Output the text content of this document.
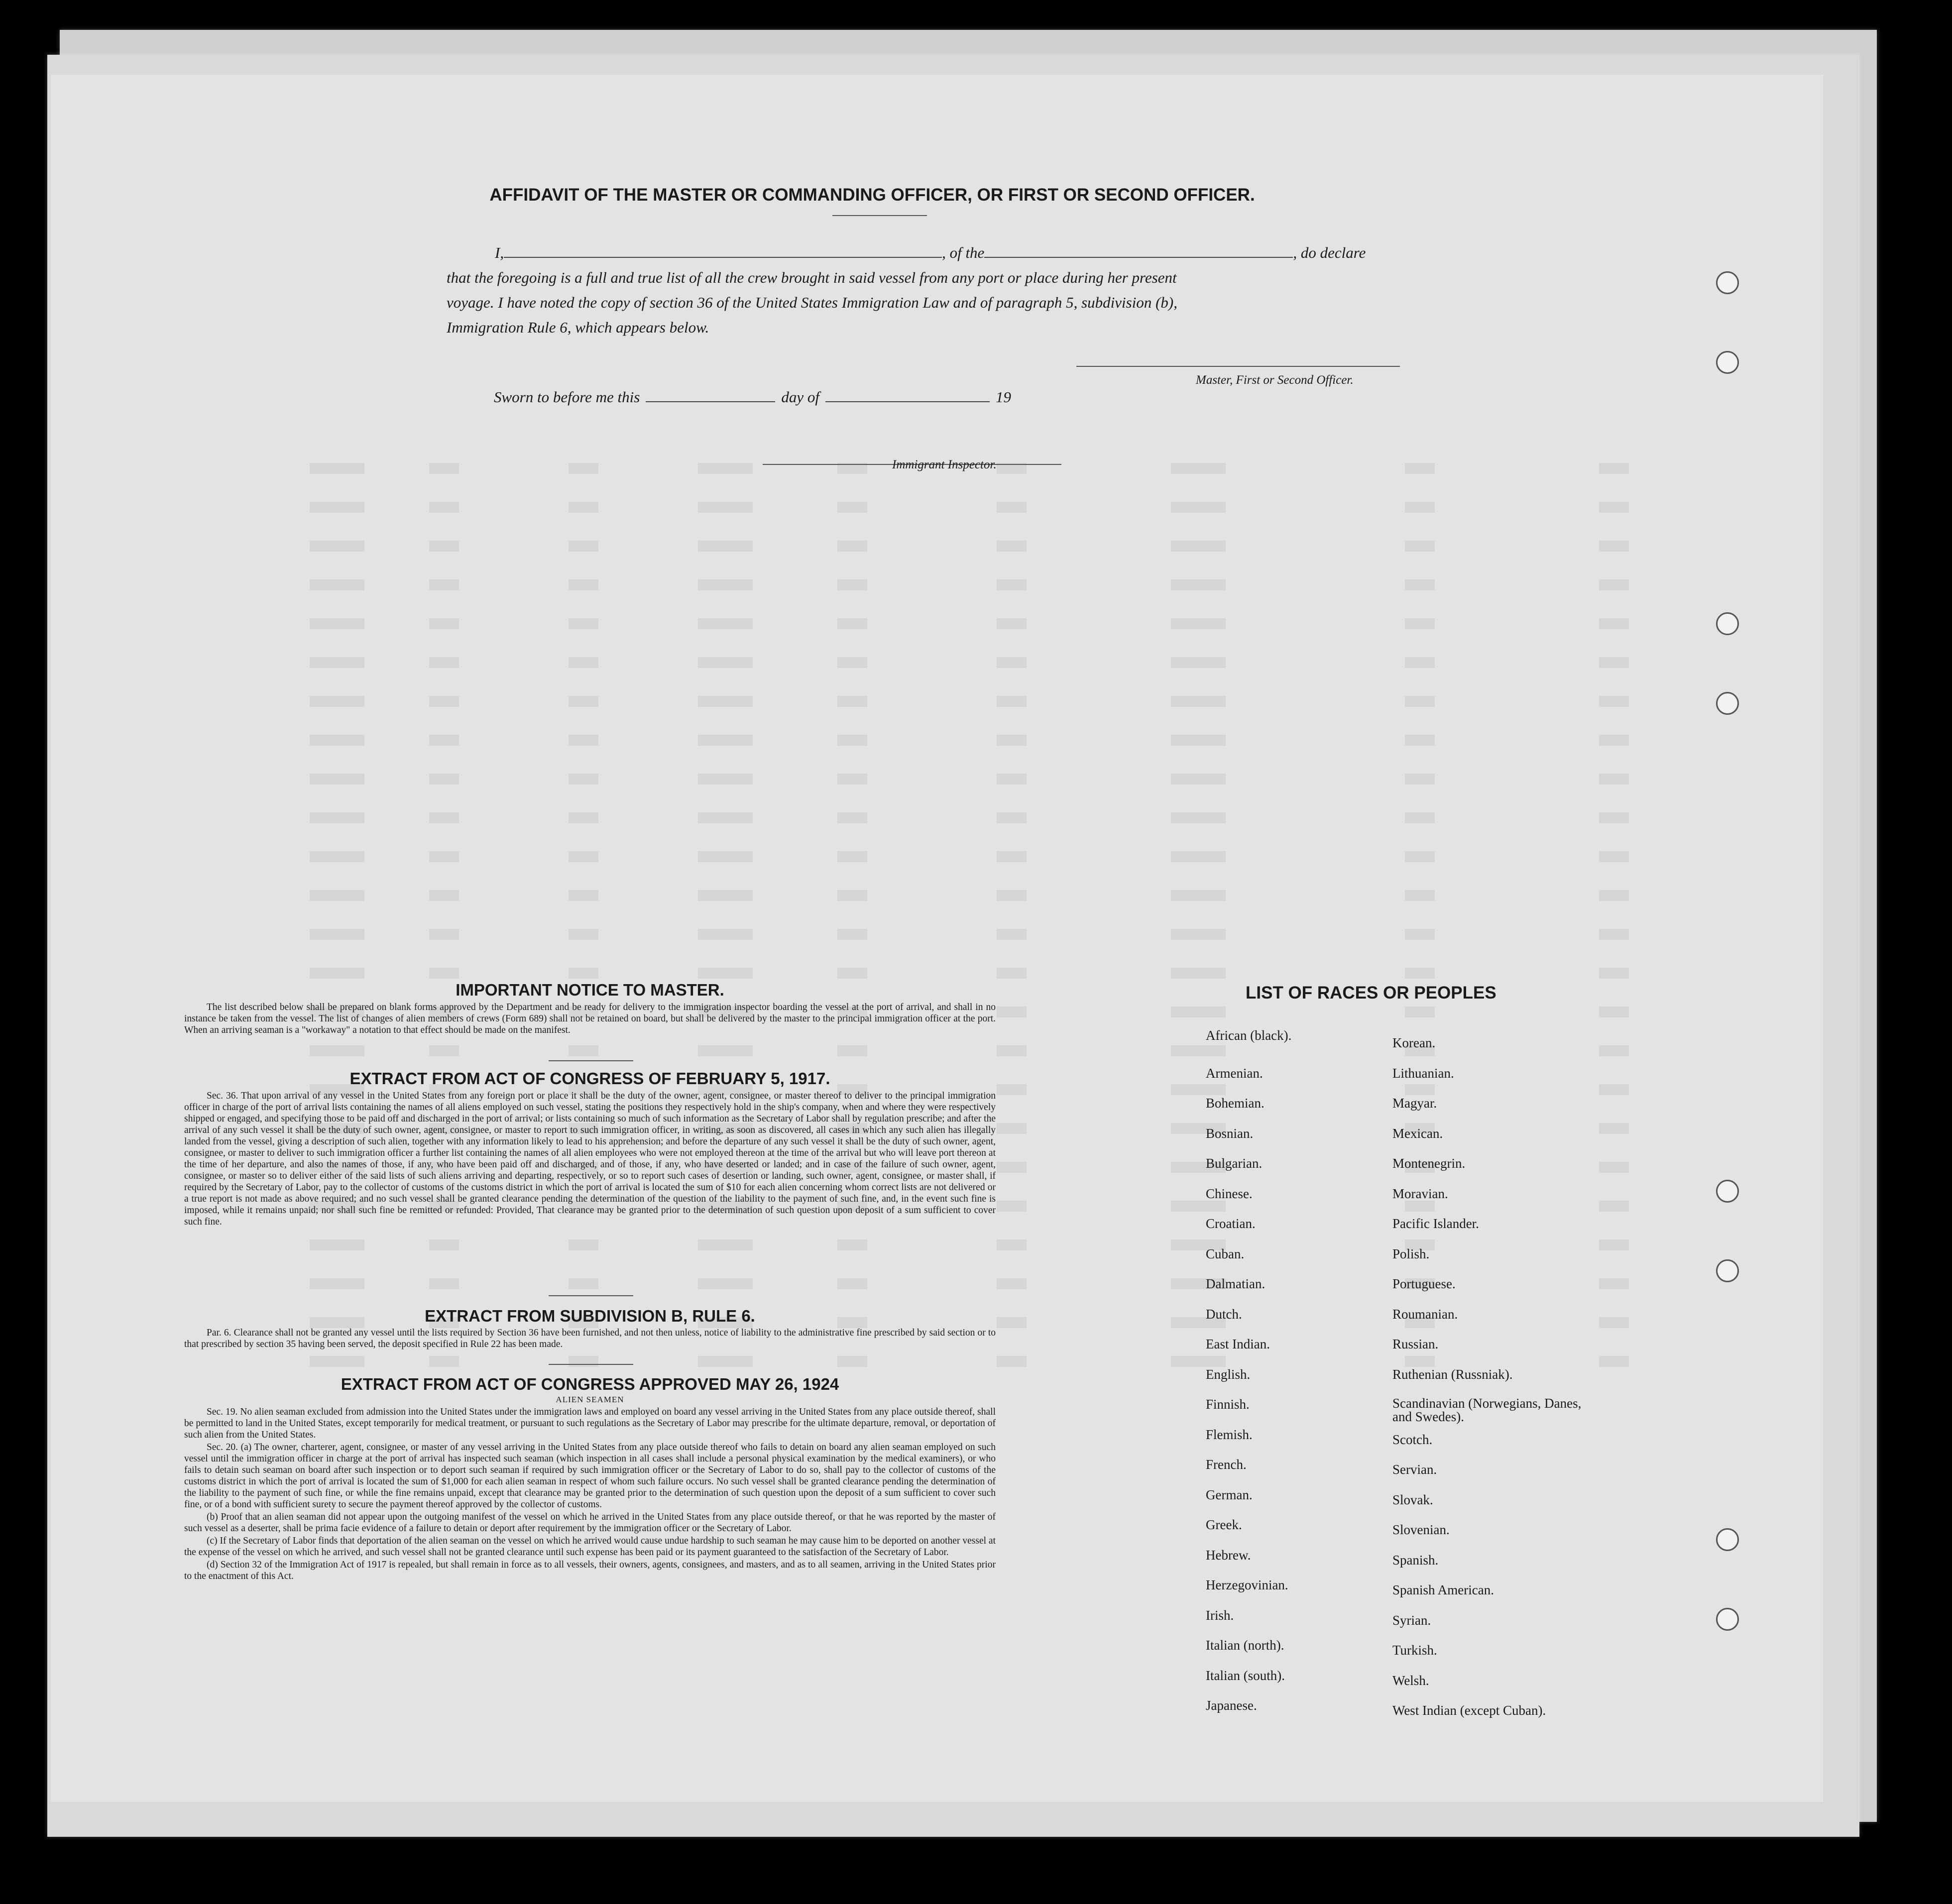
AFFIDAVIT OF THE MASTER OR COMMANDING OFFICER, OR FIRST OR SECOND OFFICER.
I,	, of the	, do declare
that the foregoing is a full and true list of all the crew brought in said vessel from any port or place during her present
voyage. I have noted the copy of section 36 of the United States Immigration Law and of paragraph 5, subdivision (b),
Immigration Rule 6, which appears below.
Master, First or Second Officer.
Sworn to before me this	day of	19
Immigrant Inspector.
IMPORTANT NOTICE TO MASTER.

The list described below shall be prepared on blank forms approved by the Department and be ready for delivery to the immigration inspector boarding the vessel at the port of arrival, and shall in no instance be taken from the vessel. The list of changes of alien members of crews (Form 689) shall not be retained on board, but shall be delivered by the master to the principal immigration officer at the port. When an arriving seaman is a "workaway" a notation to that effect should be made on the manifest.

EXTRACT FROM ACT OF CONGRESS OF FEBRUARY 5, 1917.

Sec. 36. That upon arrival of any vessel in the United States from any foreign port or place it shall be the duty of the owner, agent, consignee, or master thereof to deliver to the principal immigration officer in charge of the port of arrival lists containing the names of all aliens employed on such vessel, stating the positions they respectively hold in the ship's company, when and where they were respectively shipped or engaged, and specifying those to be paid off and discharged in the port of arrival; or lists containing so much of such information as the Secretary of Labor shall by regulation prescribe; and after the arrival of any such vessel it shall be the duty of such owner, agent, consignee, or master to report to such immigration officer, in writing, as soon as discovered, all cases in which any such alien has illegally landed from the vessel, giving a description of such alien, together with any information likely to lead to his apprehension; and before the departure of any such vessel it shall be the duty of such owner, agent, consignee, or master to deliver to such immigration officer a further list containing the names of all alien employees who were not employed thereon at the time of the arrival but who will leave port thereon at the time of her departure, and also the names of those, if any, who have been paid off and discharged, and of those, if any, who have deserted or landed; and in case of the failure of such owner, agent, consignee, or master so to deliver either of the said lists of such aliens arriving and departing, respectively, or so to report such cases of desertion or landing, such owner, agent, consignee, or master shall, if required by the Secretary of Labor, pay to the collector of customs of the customs district in which the port of arrival is located the sum of $10 for each alien concerning whom correct lists are not delivered or a true report is not made as above required; and no such vessel shall be granted clearance pending the determination of the question of the liability to the payment of such fine, and, in the event such fine is imposed, while it remains unpaid; nor shall such fine be remitted or refunded: Provided, That clearance may be granted prior to the determination of such question upon deposit of a sum sufficient to cover such fine.

EXTRACT FROM SUBDIVISION B, RULE 6.

Par. 6. Clearance shall not be granted any vessel until the lists required by Section 36 have been furnished, and not then unless, notice of liability to the administrative fine prescribed by said section or to that prescribed by section 35 having been served, the deposit specified in Rule 22 has been made.

EXTRACT FROM ACT OF CONGRESS APPROVED MAY 26, 1924
ALIEN SEAMEN

Sec. 19. No alien seaman excluded from admission into the United States under the immigration laws and employed on board any vessel arriving in the United States from any place outside thereof, shall be permitted to land in the United States, except temporarily for medical treatment, or pursuant to such regulations as the Secretary of Labor may prescribe for the ultimate departure, removal, or deportation of such alien from the United States.

Sec. 20. (a) The owner, charterer, agent, consignee, or master of any vessel arriving in the United States from any place outside thereof who fails to detain on board any alien seaman employed on such vessel until the immigration officer in charge at the port of arrival has inspected such seaman (which inspection in all cases shall include a personal physical examination by the medical examiners), or who fails to detain such seaman on board after such inspection or to deport such seaman if required by such immigration officer or the Secretary of Labor to do so, shall pay to the collector of customs of the customs district in which the port of arrival is located the sum of $1,000 for each alien seaman in respect of whom such failure occurs. No such vessel shall be granted clearance pending the determination of the liability to the payment of such fine, or while the fine remains unpaid, except that clearance may be granted prior to the determination of such question upon the deposit of a sum sufficient to cover such fine, or of a bond with sufficient surety to secure the payment thereof approved by the collector of customs.

(b) Proof that an alien seaman did not appear upon the outgoing manifest of the vessel on which he arrived in the United States from any place outside thereof, or that he was reported by the master of such vessel as a deserter, shall be prima facie evidence of a failure to detain or deport after requirement by the immigration officer or the Secretary of Labor.

(c) If the Secretary of Labor finds that deportation of the alien seaman on the vessel on which he arrived would cause undue hardship to such seaman he may cause him to be deported on another vessel at the expense of the vessel on which he arrived, and such vessel shall not be granted clearance until such expense has been paid or its payment guaranteed to the satisfaction of the Secretary of Labor.

(d) Section 32 of the Immigration Act of 1917 is repealed, but shall remain in force as to all vessels, their owners, agents, consignees, and masters, and as to all seamen, arriving in the United States prior to the enactment of this Act.

LIST OF RACES OR PEOPLES
African (black).
Armenian.
Bohemian.
Bosnian.
Bulgarian.
Chinese.
Croatian.
Cuban.
Dalmatian.
Dutch.
East Indian.
English.
Finnish.
Flemish.
French.
German.
Greek.
Hebrew.
Herzegovinian.
Irish.
Italian (north).
Italian (south).
Japanese.
Korean.
Lithuanian.
Magyar.
Mexican.
Montenegrin.
Moravian.
Pacific Islander.
Polish.
Portuguese.
Roumanian.
Russian.
Ruthenian (Russniak).
Scandinavian (Norwegians, Danes, and Swedes).
Scotch.
Servian.
Slovak.
Slovenian.
Spanish.
Spanish American.
Syrian.
Turkish.
Welsh.
West Indian (except Cuban).
